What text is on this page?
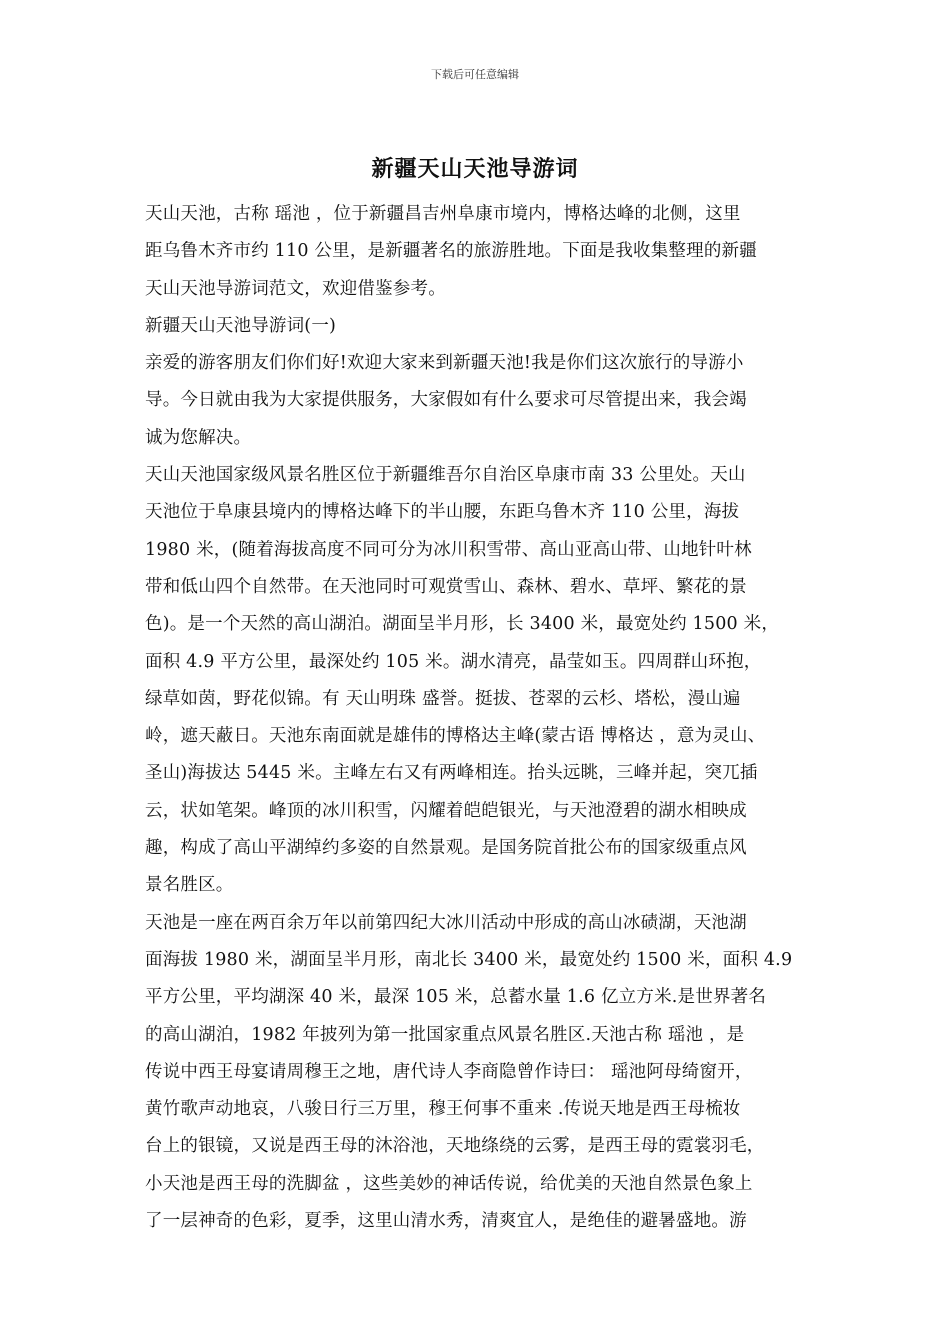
下载后可任意编辑
新疆天山天池导游词
天山天池，古称 瑶池 ，位于新疆昌吉州阜康市境内，博格达峰的北侧，这里
距乌鲁木齐市约 110 公里，是新疆著名的旅游胜地。下面是我收集整理的新疆
天山天池导游词范文，欢迎借鉴参考。
新疆天山天池导游词(一)
亲爱的游客朋友们你们好!欢迎大家来到新疆天池!我是你们这次旅行的导游小
导。今日就由我为大家提供服务，大家假如有什么要求可尽管提出来，我会竭
诚为您解决。
天山天池国家级风景名胜区位于新疆维吾尔自治区阜康市南 33 公里处。天山
天池位于阜康县境内的博格达峰下的半山腰，东距乌鲁木齐 110 公里，海拔
1980 米，(随着海拔高度不同可分为冰川积雪带、高山亚高山带、山地针叶林
带和低山四个自然带。在天池同时可观赏雪山、森林、碧水、草坪、繁花的景
色)。是一个天然的高山湖泊。湖面呈半月形，长 3400 米，最宽处约 1500 米，
面积 4.9 平方公里，最深处约 105 米。湖水清亮，晶莹如玉。四周群山环抱，
绿草如茵，野花似锦。有 天山明珠 盛誉。挺拔、苍翠的云杉、塔松，漫山遍
岭，遮天蔽日。天池东南面就是雄伟的博格达主峰(蒙古语 博格达 ，意为灵山、
圣山)海拔达 5445 米。主峰左右又有两峰相连。抬头远眺，三峰并起，突兀插
云，状如笔架。峰顶的冰川积雪，闪耀着皑皑银光，与天池澄碧的湖水相映成
趣，构成了高山平湖绰约多姿的自然景观。是国务院首批公布的国家级重点风
景名胜区。
天池是一座在两百余万年以前第四纪大冰川活动中形成的高山冰碛湖，天池湖
面海拔 1980 米，湖面呈半月形，南北长 3400 米，最宽处约 1500 米，面积 4.9
平方公里，平均湖深 40 米，最深 105 米，总蓄水量 1.6 亿立方米.是世界著名
的高山湖泊，1982 年披列为第一批国家重点风景名胜区.天池古称 瑶池 ，是
传说中西王母宴请周穆王之地，唐代诗人李商隐曾作诗曰： 瑶池阿母绮窗开，
黄竹歌声动地哀，八骏日行三万里，穆王何事不重来 .传说天地是西王母梳妆
台上的银镜，又说是西王母的沐浴池，天地绦绕的云雾，是西王母的霓裳羽毛，
小天池是西王母的洗脚盆 ，这些美妙的神话传说，给优美的天池自然景色象上
了一层神奇的色彩，夏季，这里山清水秀，清爽宜人，是绝佳的避暑盛地。游
